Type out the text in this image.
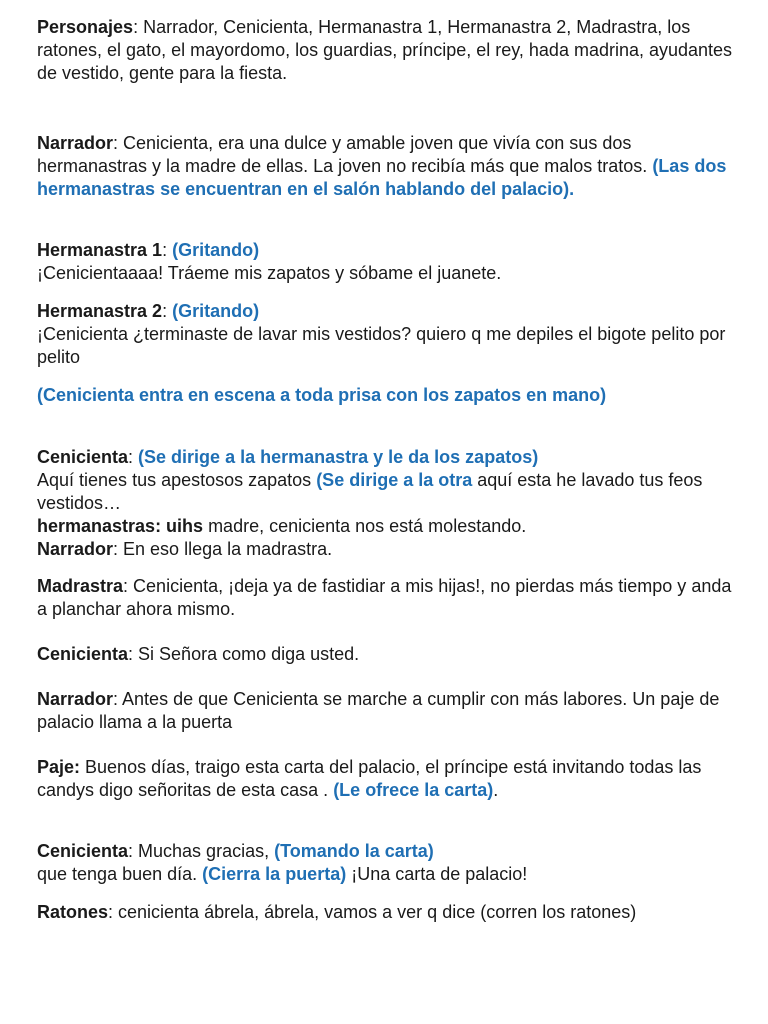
Personajes: Narrador, Cenicienta, Hermanastra 1, Hermanastra 2, Madrastra, los ratones, el gato, el mayordomo, los guardias, príncipe, el rey, hada madrina, ayudantes de vestido, gente para la fiesta.

Narrador: Cenicienta, era una dulce y amable joven que vivía con sus dos hermanastras y la madre de ellas. La joven no recibía más que malos tratos. (Las dos hermanastras se encuentran en el salón hablando del palacio).

Hermanastra 1: (Gritando)
¡Cenicientaaaa! Tráeme mis zapatos y sóbame el juanete.

Hermanastra 2: (Gritando)
¡Cenicienta ¿terminaste de lavar mis vestidos? quiero q me depiles el bigote pelito por pelito

(Cenicienta entra en escena a toda prisa con los zapatos en mano)

Cenicienta: (Se dirige a la hermanastra y le da los zapatos)
Aquí tienes tus apestosos zapatos (Se dirige a la otra aquí esta he lavado tus feos vestidos…
hermanastras: uihs madre, cenicienta nos está molestando.
Narrador: En eso llega la madrastra.

Madrastra: Cenicienta, ¡deja ya de fastidiar a mis hijas!, no pierdas más tiempo y anda a planchar ahora mismo.

Cenicienta: Si Señora como diga usted.

Narrador: Antes de que Cenicienta se marche a cumplir con más labores. Un paje de palacio llama a la puerta

Paje: Buenos días, traigo esta carta del palacio, el príncipe está invitando todas las candys digo señoritas de esta casa . (Le ofrece la carta).

Cenicienta: Muchas gracias, (Tomando la carta)
que tenga buen día. (Cierra la puerta) ¡Una carta de palacio!

Ratones: cenicienta ábrela, ábrela, vamos a ver q dice (corren los ratones)
